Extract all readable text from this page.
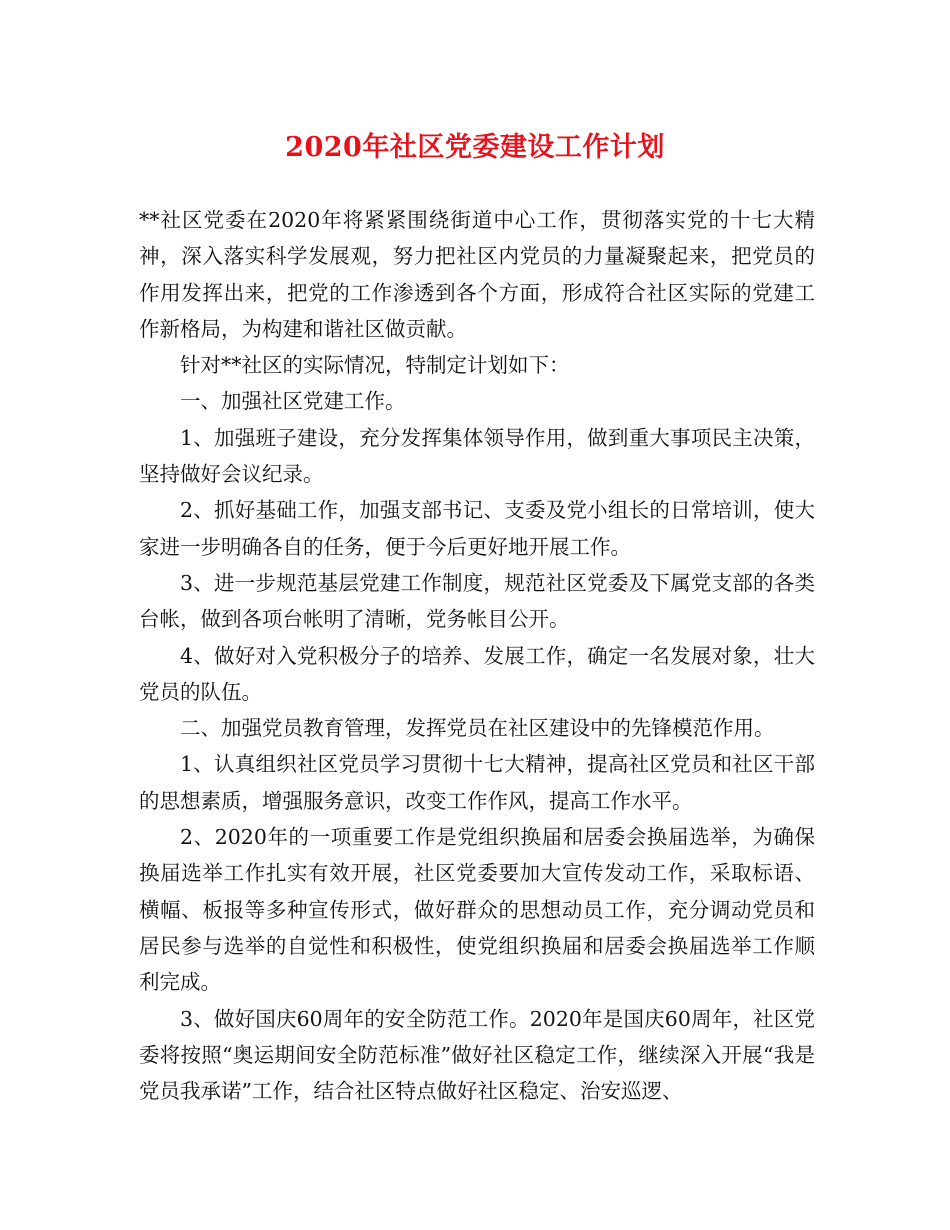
2020年社区党委建设工作计划

**社区党委在2020年将紧紧围绕街道中心工作，贯彻落实党的十七大精神，深入落实科学发展观，努力把社区内党员的力量凝聚起来，把党员的作用发挥出来，把党的工作渗透到各个方面，形成符合社区实际的党建工作新格局，为构建和谐社区做贡献。

针对**社区的实际情况，特制定计划如下：

一、加强社区党建工作。

1、加强班子建设，充分发挥集体领导作用，做到重大事项民主决策，坚持做好会议纪录。

2、抓好基础工作，加强支部书记、支委及党小组长的日常培训，使大家进一步明确各自的任务，便于今后更好地开展工作。

3、进一步规范基层党建工作制度，规范社区党委及下属党支部的各类台帐，做到各项台帐明了清晰，党务帐目公开。

4、做好对入党积极分子的培养、发展工作，确定一名发展对象，壮大党员的队伍。

二、加强党员教育管理，发挥党员在社区建设中的先锋模范作用。

1、认真组织社区党员学习贯彻十七大精神，提高社区党员和社区干部的思想素质，增强服务意识，改变工作作风，提高工作水平。

2、2020年的一项重要工作是党组织换届和居委会换届选举，为确保换届选举工作扎实有效开展，社区党委要加大宣传发动工作，采取标语、横幅、板报等多种宣传形式，做好群众的思想动员工作，充分调动党员和居民参与选举的自觉性和积极性，使党组织换届和居委会换届选举工作顺利完成。

3、做好国庆60周年的安全防范工作。2020年是国庆60周年，社区党委将按照“奥运期间安全防范标准”做好社区稳定工作，继续深入开展“我是党员我承诺”工作，结合社区特点做好社区稳定、治安巡逻、
